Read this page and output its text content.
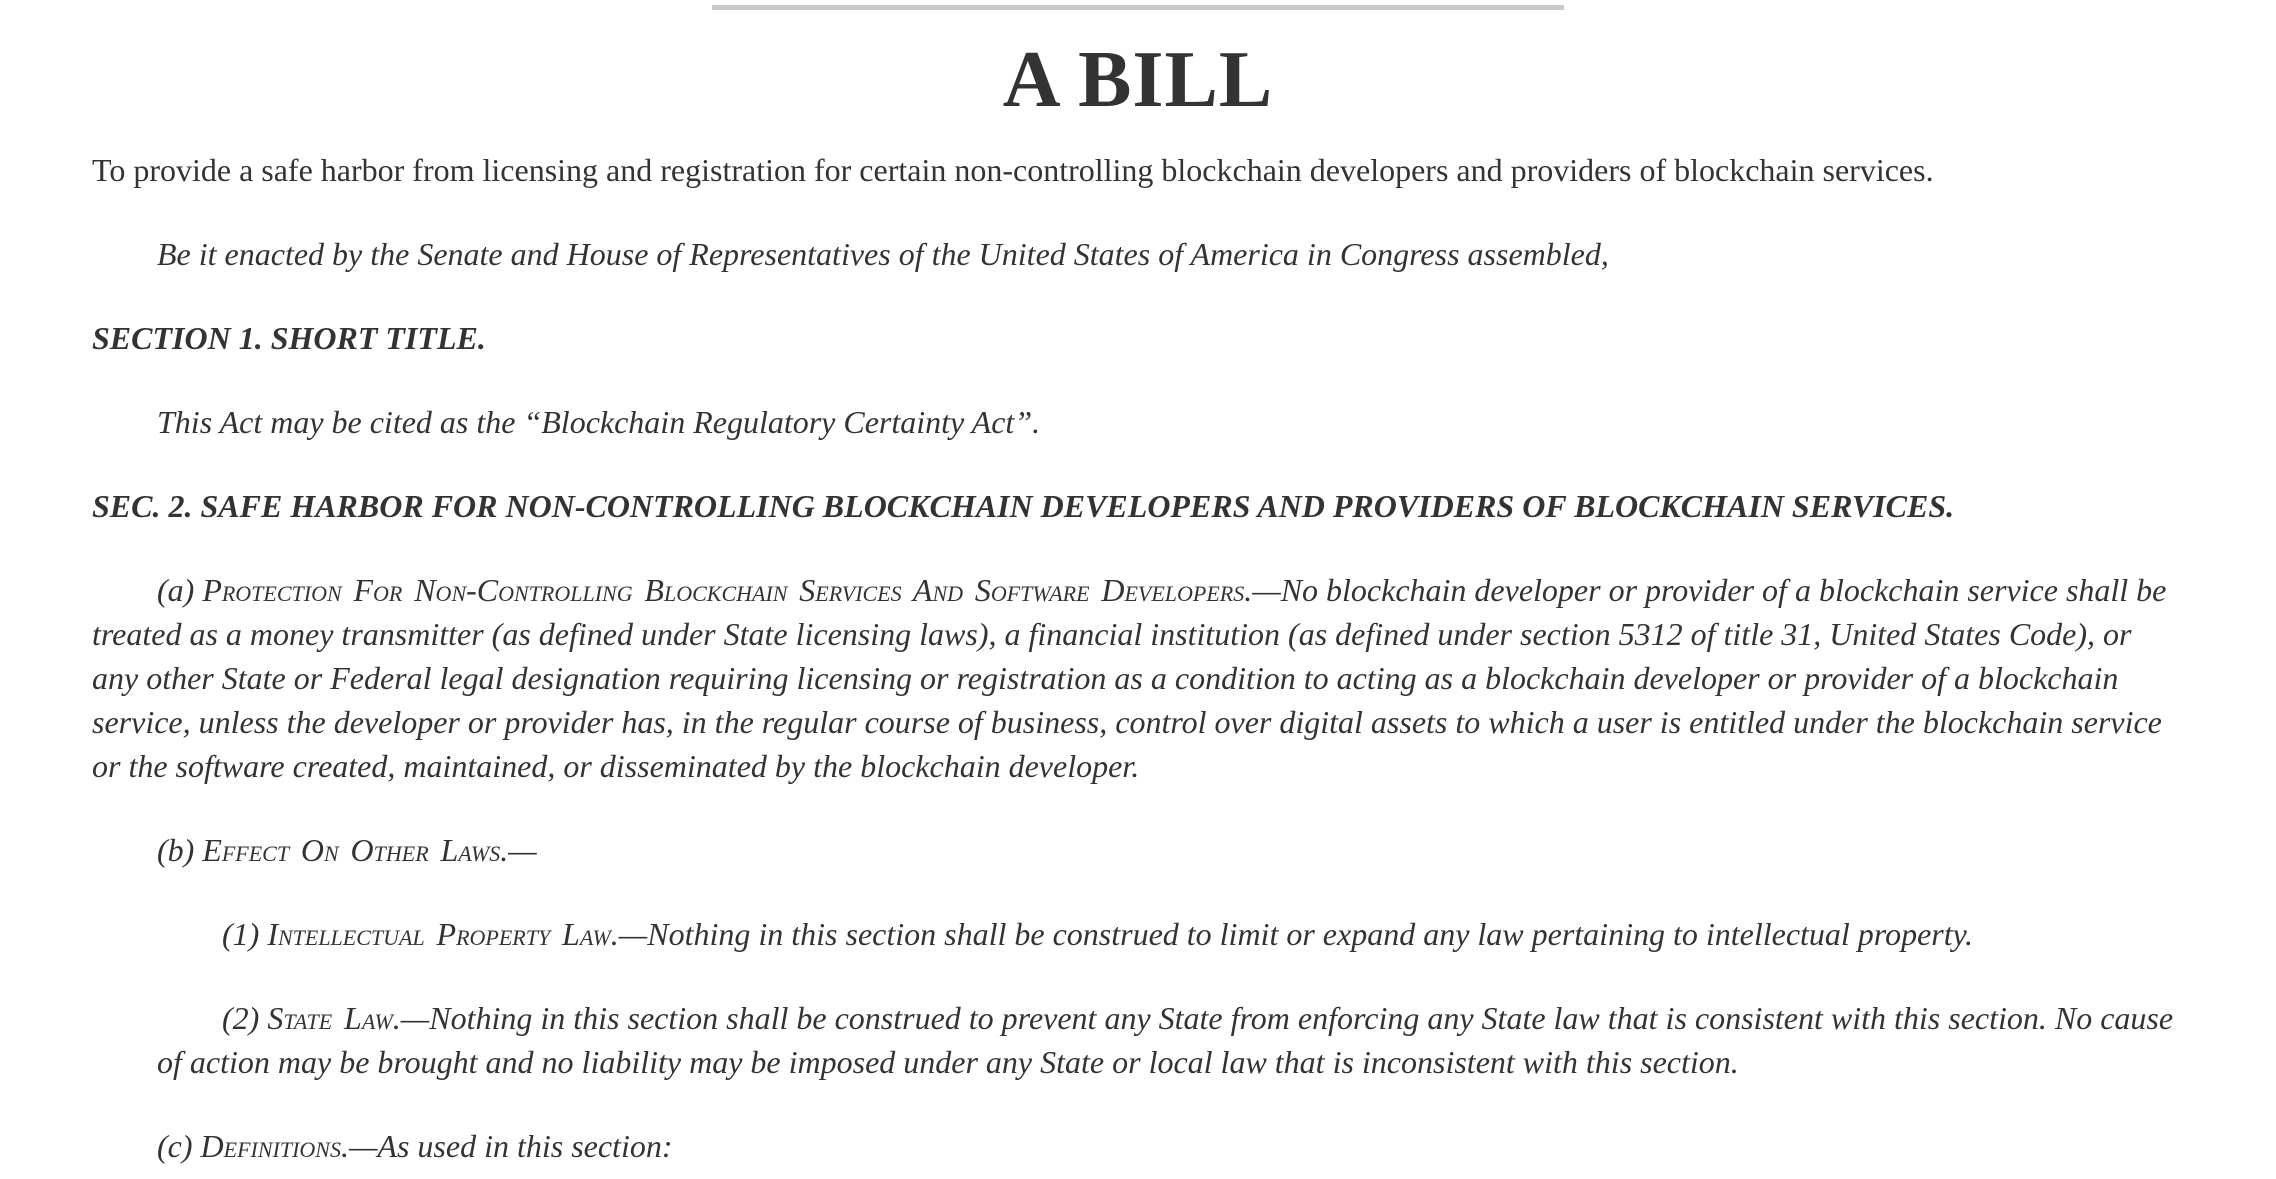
A BILL

To provide a safe harbor from licensing and registration for certain non-controlling blockchain developers and providers of blockchain services.

Be it enacted by the Senate and House of Representatives of the United States of America in Congress assembled,

SECTION 1. SHORT TITLE.

This Act may be cited as the “Blockchain Regulatory Certainty Act”.

SEC. 2. SAFE HARBOR FOR NON-CONTROLLING BLOCKCHAIN DEVELOPERS AND PROVIDERS OF BLOCKCHAIN SERVICES.

(a) Protection For Non-Controlling Blockchain Services And Software Developers.—No blockchain developer or provider of a blockchain service shall be treated as a money transmitter (as defined under State licensing laws), a financial institution (as defined under section 5312 of title 31, United States Code), or any other State or Federal legal designation requiring licensing or registration as a condition to acting as a blockchain developer or provider of a blockchain service, unless the developer or provider has, in the regular course of business, control over digital assets to which a user is entitled under the blockchain service or the software created, maintained, or disseminated by the blockchain developer.

(b) Effect On Other Laws.—

(1) Intellectual Property Law.—Nothing in this section shall be construed to limit or expand any law pertaining to intellectual property.

(2) State Law.—Nothing in this section shall be construed to prevent any State from enforcing any State law that is consistent with this section. No cause of action may be brought and no liability may be imposed under any State or local law that is inconsistent with this section.

(c) Definitions.—As used in this section:
